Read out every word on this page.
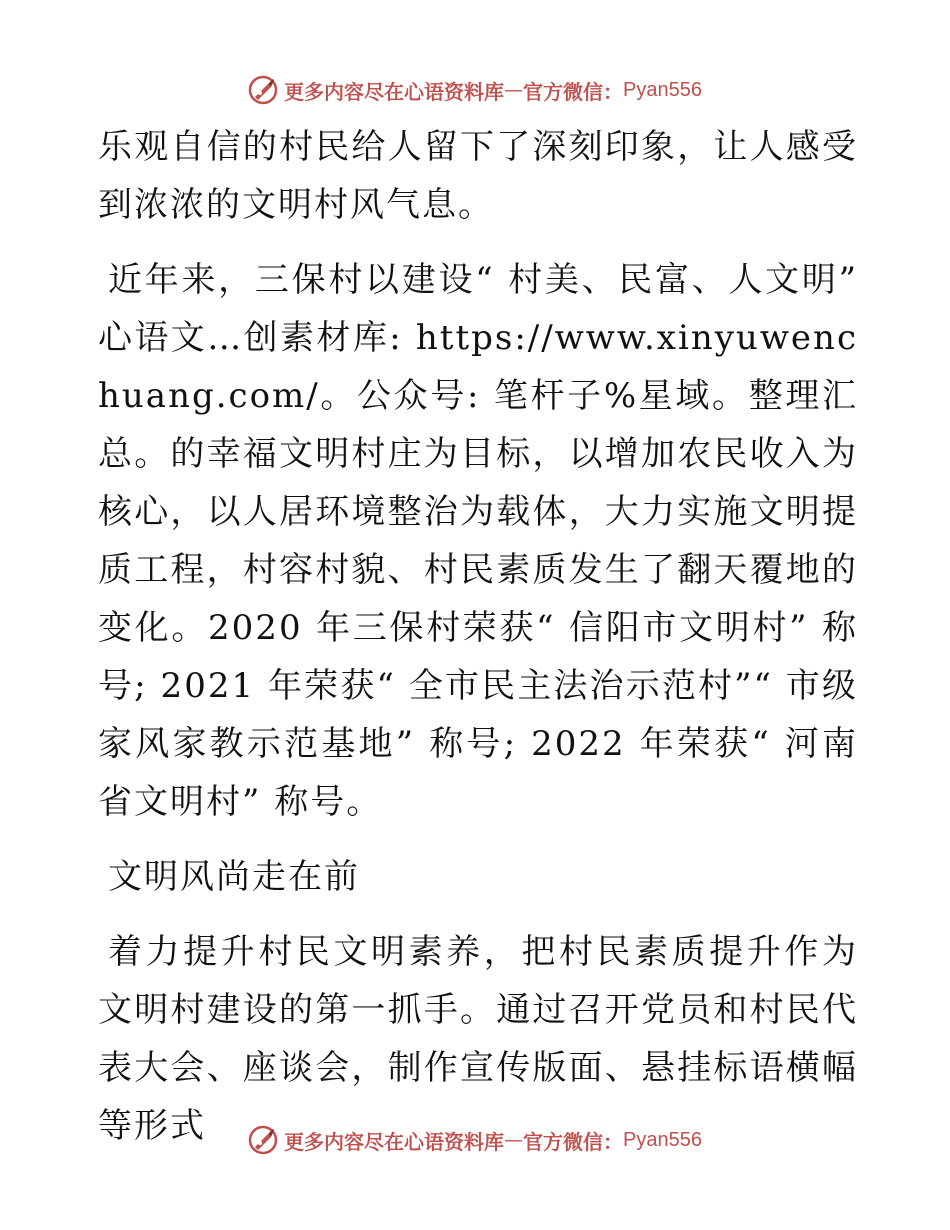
更多内容尽在心语资料库 — 官方微信： Pyan556

乐观自信的村民给人留下了深刻印象，让人感受到浓浓的文明村风气息。

近年来，三保村以建设“ 村美、民富、人文明” 心语文…创素材库: https://www.xinyuwenchuang.com/。公众号: 笔杆子%星域。整理汇总。的幸福文明村庄为目标，以增加农民收入为核心，以人居环境整治为载体，大力实施文明提质工程，村容村貌、村民素质发生了翻天覆地的变化。2020 年三保村荣获“ 信阳市文明村” 称号; 2021 年荣获“ 全市民主法治示范村”“ 市级家风家教示范基地” 称号; 2022 年荣获“ 河南省文明村” 称号。

文明风尚走在前

着力提升村民文明素养，把村民素质提升作为文明村建设的第一抓手。通过召开党员和村民代表大会、座谈会，制作宣传版面、悬挂标语横幅等形式	更多内容尽在心语资料库 — 官方微信： Pyan556
